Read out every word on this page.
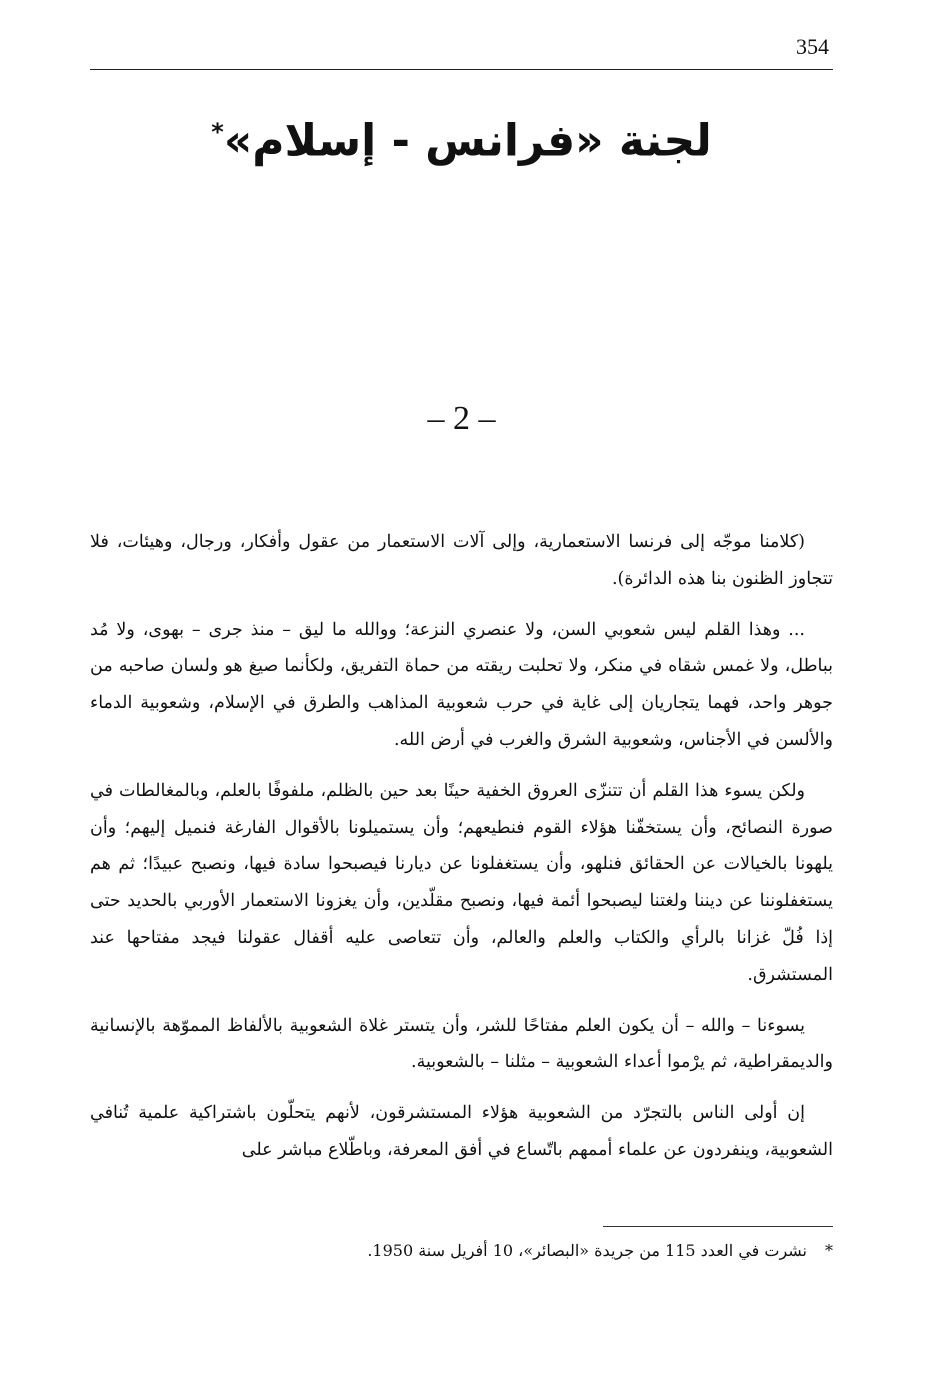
354
لجنة «فرانس - إسلام»*
– 2 –

(كلامنا موجّه إلى فرنسا الاستعمارية، وإلى آلات الاستعمار من عقول وأفكار، ورجال، وهيئات، فلا تتجاوز الظنون بنا هذه الدائرة).

... وهذا القلم ليس شعوبي السن، ولا عنصري النزعة؛ ووالله ما ليق – منذ جرى – بهوى، ولا مُد بباطل، ولا غمس شقاه في منكر، ولا تحلبت ريقته من حماة التفريق، ولكأنما صيغ هو ولسان صاحبه من جوهر واحد، فهما يتجاريان إلى غاية في حرب شعوبية المذاهب والطرق في الإسلام، وشعوبية الدماء والألسن في الأجناس، وشعوبية الشرق والغرب في أرض الله.

ولكن يسوء هذا القلم أن تتنزّى العروق الخفية حينًا بعد حين بالظلم، ملفوفًا بالعلم، وبالمغالطات في صورة النصائح، وأن يستخفّنا هؤلاء القوم فنطيعهم؛ وأن يستميلونا بالأقوال الفارغة فنميل إليهم؛ وأن يلهونا بالخيالات عن الحقائق فنلهو، وأن يستغفلونا عن ديارنا فيصبحوا سادة فيها، ونصبح عبيدًا؛ ثم هم يستغفلوننا عن ديننا ولغتنا ليصبحوا أئمة فيها، ونصبح مقلّدين، وأن يغزونا الاستعمار الأوربي بالحديد حتى إذا فُلّ غزانا بالرأي والكتاب والعلم والعالم، وأن تتعاصى عليه أقفال عقولنا فيجد مفتاحها عند المستشرق.

يسوءنا – والله – أن يكون العلم مفتاحًا للشر، وأن يتستر غلاة الشعوبية بالألفاظ المموّهة بالإنسانية والديمقراطية، ثم يرْموا أعداء الشعوبية – مثلنا – بالشعوبية.

إن أولى الناس بالتجرّد من الشعوبية هؤلاء المستشرقون، لأنهم يتحلّون باشتراكية علمية تُنافي الشعوبية، وينفردون عن علماء أممهم باتّساع في أفق المعرفة، وباطّلاع مباشر على

*نشرت في العدد 115 من جريدة «البصائر»، 10 أفريل سنة 1950.
